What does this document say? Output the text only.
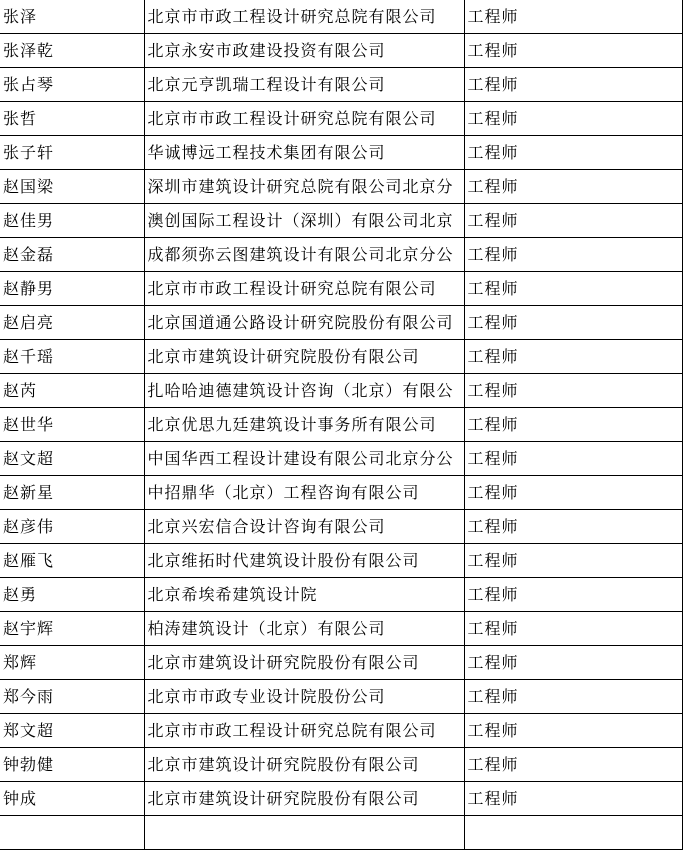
张泽	北京市市政工程设计研究总院有限公司	工程师
张泽乾	北京永安市政建设投资有限公司	工程师
张占琴	北京元亨凯瑞工程设计有限公司	工程师
张哲	北京市市政工程设计研究总院有限公司	工程师
张子轩	华诚博远工程技术集团有限公司	工程师
赵国梁	深圳市建筑设计研究总院有限公司北京分	工程师
赵佳男	澳创国际工程设计（深圳）有限公司北京	工程师
赵金磊	成都须弥云图建筑设计有限公司北京分公	工程师
赵静男	北京市市政工程设计研究总院有限公司	工程师
赵启亮	北京国道通公路设计研究院股份有限公司	工程师
赵千瑶	北京市建筑设计研究院股份有限公司	工程师
赵芮	扎哈哈迪德建筑设计咨询（北京）有限公	工程师
赵世华	北京优思九廷建筑设计事务所有限公司	工程师
赵文超	中国华西工程设计建设有限公司北京分公	工程师
赵新星	中招鼎华（北京）工程咨询有限公司	工程师
赵彦伟	北京兴宏信合设计咨询有限公司	工程师
赵雁飞	北京维拓时代建筑设计股份有限公司	工程师
赵勇	北京希埃希建筑设计院	工程师
赵宇辉	柏涛建筑设计（北京）有限公司	工程师
郑辉	北京市建筑设计研究院股份有限公司	工程师
郑今雨	北京市市政专业设计院股份公司	工程师
郑文超	北京市市政工程设计研究总院有限公司	工程师
钟勃健	北京市建筑设计研究院股份有限公司	工程师
钟成	北京市建筑设计研究院股份有限公司	工程师
